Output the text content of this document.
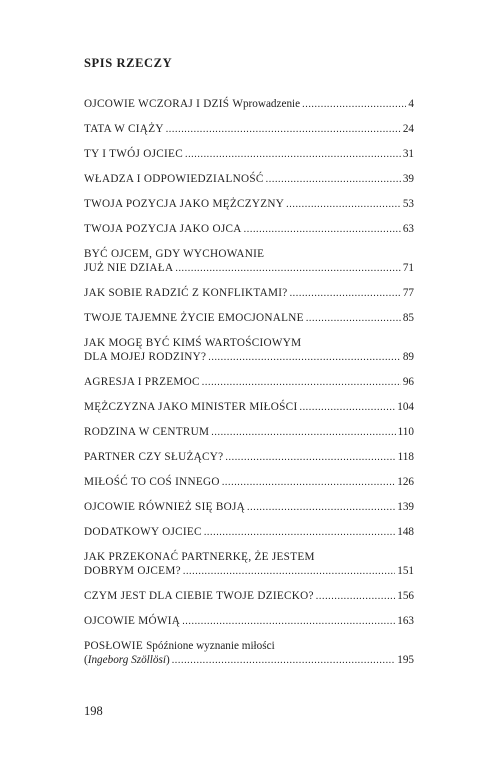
SPIS RZECZY
OJCOWIE WCZORAJ I DZIŚ Wprowadzenie .....	4
TATA W CIĄŻY .....	24
TY I TWÓJ OJCIEC .....	31
WŁADZA I ODPOWIEDZIALNOŚĆ .....	39
TWOJA POZYCJA JAKO MĘŻCZYZNY .....	53
TWOJA POZYCJA JAKO OJCA .....	63
BYĆ OJCEM, GDY WYCHOWANIE
JUŻ NIE DZIAŁA .....	71
JAK SOBIE RADZIĆ Z KONFLIKTAMI? .....	77
TWOJE TAJEMNE ŻYCIE EMOCJONALNE .....	85
JAK MOGĘ BYĆ KIMŚ WARTOŚCIOWYM
DLA MOJEJ RODZINY? .....	89
AGRESJA I PRZEMOC .....	96
MĘŻCZYZNA JAKO MINISTER MIŁOŚCI .....	104
RODZINA W CENTRUM .....	110
PARTNER CZY SŁUŻĄCY? .....	118
MIŁOŚĆ TO COŚ INNEGO .....	126
OJCOWIE RÓWNIEŻ SIĘ BOJĄ .....	139
DODATKOWY OJCIEC .....	148
JAK PRZEKONAĆ PARTNERKĘ, ŻE JESTEM
DOBRYM OJCEM? .....	151
CZYM JEST DLA CIEBIE TWOJE DZIECKO? .....	156
OJCOWIE MÓWIĄ .....	163
POSŁOWIE Spóźnione wyznanie miłości
(Ingeborg Szöllösi) .....	195

198
